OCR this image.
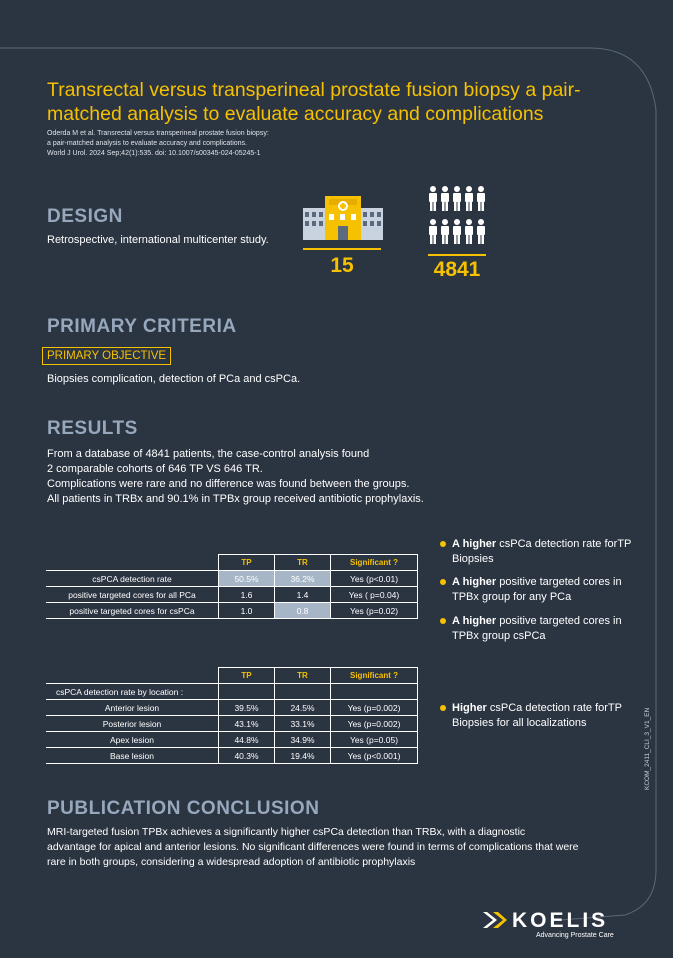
Transrectal versus transperineal prostate fusion biopsy a pair-matched analysis to evaluate accuracy and complications
Oderda M et al. Transrectal versus transperineal prostate fusion biopsy:
a pair-matched analysis to evaluate accuracy and complications.
World J Urol. 2024 Sep;42(1):535. doi: 10.1007/s00345-024-05245-1
DESIGN
Retrospective, international multicenter study.
15	4841
PRIMARY CRITERIA
PRIMARY OBJECTIVE
Biopsies complication, detection of PCa and csPCa.
RESULTS
From a database of 4841 patients, the case-control analysis found
2 comparable cohorts of 646 TP VS 646 TR.
Complications were rare and no difference was found between the groups.
All patients in TRBx and 90.1% in TPBx group received antibiotic prophylaxis.
	TP	TR	Significant ?
csPCA detection rate	50.5%	36.2%	Yes (p<0.01)
positive targeted cores for all PCa	1.6	1.4	Yes ( p=0.04)
positive targeted cores for csPCa	1.0	0.8	Yes (p=0.02)
	TP	TR	Significant ?
csPCA detection rate by location :			
Anterior lesion	39.5%	24.5%	Yes (p=0.002)
Posterior lesion	43.1%	33.1%	Yes (p=0.002)
Apex lesion	44.8%	34.9%	Yes (p=0.05)
Base lesion	40.3%	19.4%	Yes (p<0.001)
A higher csPCa detection rate forTP Biopsies
A higher positive targeted cores in TPBx group for any PCa
A higher positive targeted cores in TPBx group csPCa
Higher csPCa detection rate forTP Biopsies for all localizations
PUBLICATION CONCLUSION
MRI-targeted fusion TPBx achieves a significantly higher csPCa detection than TRBx, with a diagnostic
advantage for apical and anterior lesions. No significant differences were found in terms of complications that were
rare in both groups, considering a widespread adoption of antibiotic prophylaxis
KCOM_2411_CLI_3_V1_EN
KOELIS
Advancing Prostate Care
